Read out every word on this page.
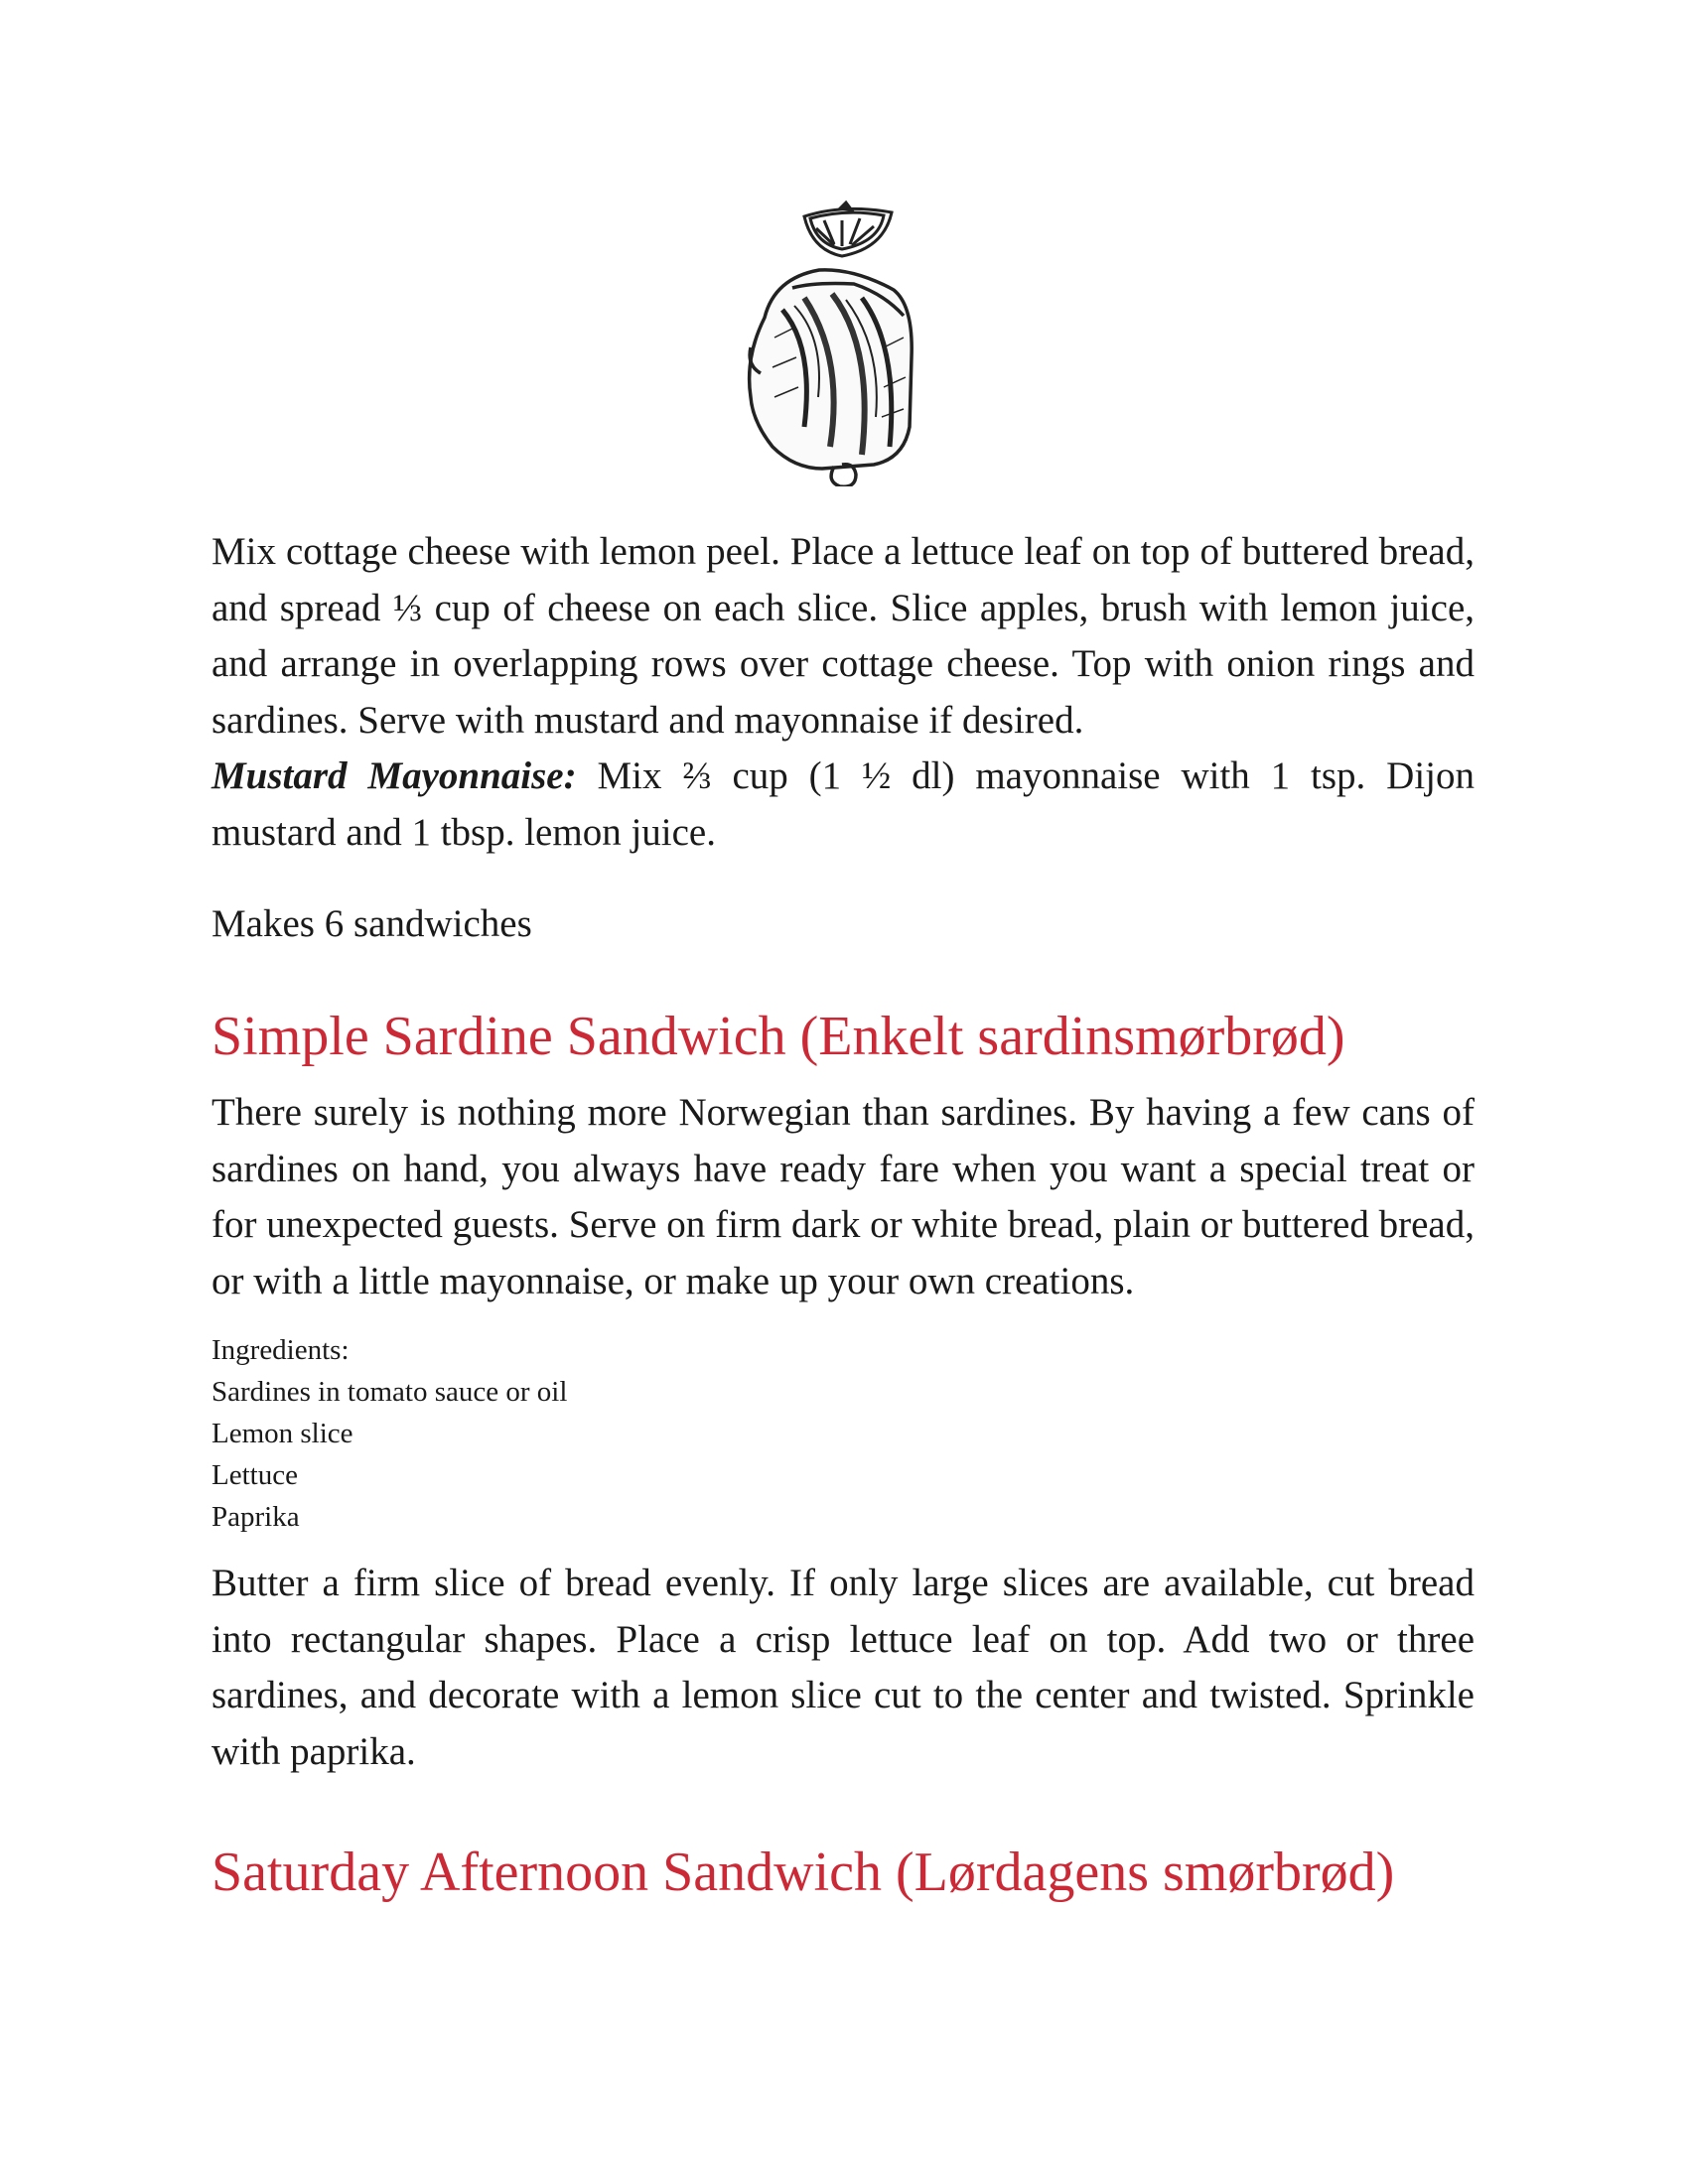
Mix cottage cheese with lemon peel. Place a lettuce leaf on top of buttered bread, and spread ⅓ cup of cheese on each slice. Slice apples, brush with lemon juice, and arrange in overlapping rows over cottage cheese. Top with onion rings and sardines. Serve with mustard and mayonnaise if desired.
Mustard Mayonnaise: Mix ⅔ cup (1 ½ dl) mayonnaise with 1 tsp. Dijon mustard and 1 tbsp. lemon juice.

Makes 6 sandwiches

Simple Sardine Sandwich (Enkelt sardinsmørbrød)

There surely is nothing more Norwegian than sardines. By having a few cans of sardines on hand, you always have ready fare when you want a special treat or for unexpected guests. Serve on firm dark or white bread, plain or buttered bread, or with a little mayonnaise, or make up your own creations.

Ingredients:
Sardines in tomato sauce or oil
Lemon slice
Lettuce
Paprika

Butter a firm slice of bread evenly. If only large slices are available, cut bread into rectangular shapes. Place a crisp lettuce leaf on top. Add two or three sardines, and decorate with a lemon slice cut to the center and twisted. Sprinkle with paprika.

Saturday Afternoon Sandwich (Lørdagens smørbrød)
